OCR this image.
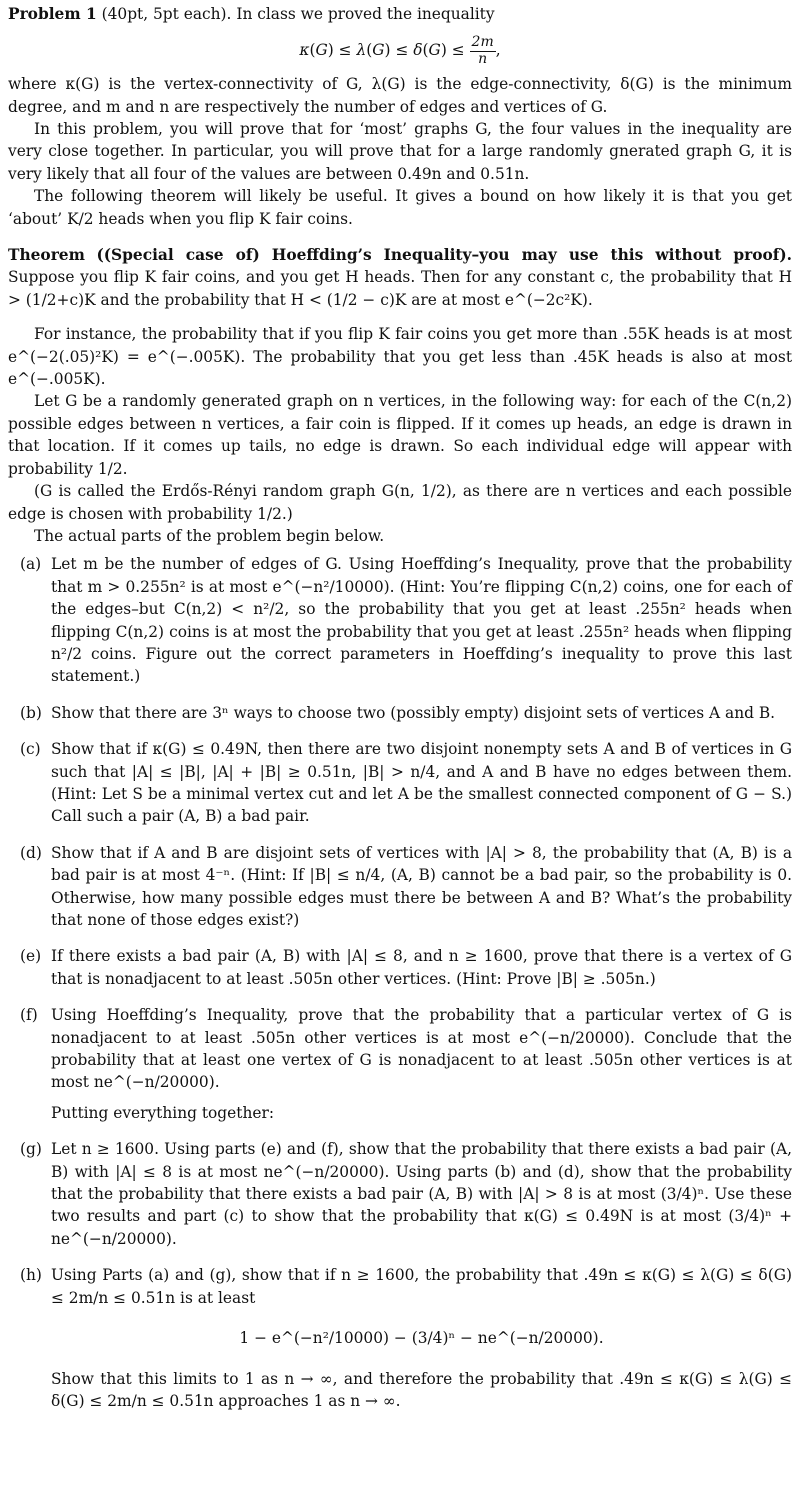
Problem 1 (40pt, 5pt each). In class we proved the inequality

$\kappa(G) \le \lambda(G) \le \delta(G) \le \frac{2m}{n}$ ,

where κ(G) is the vertex-connectivity of G, λ(G) is the edge-connectivity, δ(G) is the minimum degree, and m and n are respectively the number of edges and vertices of G.

In this problem, you will prove that for ‘most’ graphs G, the four values in the inequality are very close together. In particular, you will prove that for a large randomly gnerated graph G, it is very likely that all four of the values are between 0.49n and 0.51n.

The following theorem will likely be useful. It gives a bound on how likely it is that you get ‘about’ K/2 heads when you flip K fair coins.

Theorem ((Special case of) Hoeffding’s Inequality–you may use this without proof). Suppose you flip K fair coins, and you get H heads. Then for any constant c, the probability that H > (1/2+c)K and the probability that H < (1/2 − c)K are at most e^(−2c²K).

For instance, the probability that if you flip K fair coins you get more than .55K heads is at most e^(−2(.05)²K) = e^(−.005K). The probability that you get less than .45K heads is also at most e^(−.005K).

Let G be a randomly generated graph on n vertices, in the following way: for each of the C(n,2) possible edges between n vertices, a fair coin is flipped. If it comes up heads, an edge is drawn in that location. If it comes up tails, no edge is drawn. So each individual edge will appear with probability 1/2.

(G is called the Erdős-Rényi random graph G(n, 1/2), as there are n vertices and each possible edge is chosen with probability 1/2.)

The actual parts of the problem begin below.

(a) Let m be the number of edges of G. Using Hoeffding’s Inequality, prove that the probability that m > 0.255n² is at most e^(−n²/10000). (Hint: You’re flipping C(n,2) coins, one for each of the edges–but C(n,2) < n²/2, so the probability that you get at least .255n² heads when flipping C(n,2) coins is at most the probability that you get at least .255n² heads when flipping n²/2 coins. Figure out the correct parameters in Hoeffding’s inequality to prove this last statement.)
(b) Show that there are 3ⁿ ways to choose two (possibly empty) disjoint sets of vertices A and B.
(c) Show that if κ(G) ≤ 0.49N, then there are two disjoint nonempty sets A and B of vertices in G such that |A| ≤ |B|, |A| + |B| ≥ 0.51n, |B| > n/4, and A and B have no edges between them. (Hint: Let S be a minimal vertex cut and let A be the smallest connected component of G − S.) Call such a pair (A, B) a bad pair.
(d) Show that if A and B are disjoint sets of vertices with |A| > 8, the probability that (A, B) is a bad pair is at most 4⁻ⁿ. (Hint: If |B| ≤ n/4, (A, B) cannot be a bad pair, so the probability is 0. Otherwise, how many possible edges must there be between A and B? What’s the probability that none of those edges exist?)
(e) If there exists a bad pair (A, B) with |A| ≤ 8, and n ≥ 1600, prove that there is a vertex of G that is nonadjacent to at least .505n other vertices. (Hint: Prove |B| ≥ .505n.)
(f) Using Hoeffding’s Inequality, prove that the probability that a particular vertex of G is nonadjacent to at least .505n other vertices is at most e^(−n/20000). Conclude that the probability that at least one vertex of G is nonadjacent to at least .505n other vertices is at most ne^(−n/20000).
Putting everything together:
(g) Let n ≥ 1600. Using parts (e) and (f), show that the probability that there exists a bad pair (A, B) with |A| ≤ 8 is at most ne^(−n/20000). Using parts (b) and (d), show that the probability that the probability that there exists a bad pair (A, B) with |A| > 8 is at most (3/4)ⁿ. Use these two results and part (c) to show that the probability that κ(G) ≤ 0.49N is at most (3/4)ⁿ + ne^(−n/20000).
(h) Using Parts (a) and (g), show that if n ≥ 1600, the probability that .49n ≤ κ(G) ≤ λ(G) ≤ δ(G) ≤ 2m/n ≤ 0.51n is at least
1 − e^(−n²/10000) − (3/4)ⁿ − ne^(−n/20000).
Show that this limits to 1 as n → ∞, and therefore the probability that .49n ≤ κ(G) ≤ λ(G) ≤ δ(G) ≤ 2m/n ≤ 0.51n approaches 1 as n → ∞.
